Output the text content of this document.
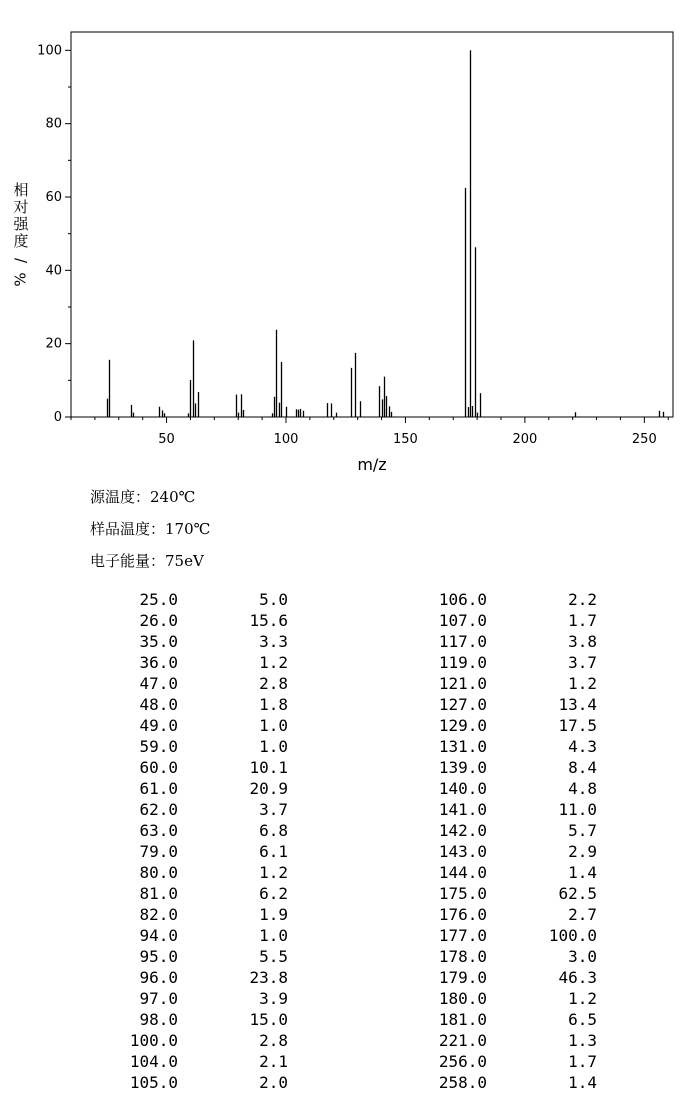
0
20
40
60
80
100
50	100	150	200	250
m/z
相
对
强
度
/
%
源温度：240℃
样品温度：170℃
电子能量：75eV
25.0	5.0
26.0	15.6
35.0	3.3
36.0	1.2
47.0	2.8
48.0	1.8
49.0	1.0
59.0	1.0
60.0	10.1
61.0	20.9
62.0	3.7
63.0	6.8
79.0	6.1
80.0	1.2
81.0	6.2
82.0	1.9
94.0	1.0
95.0	5.5
96.0	23.8
97.0	3.9
98.0	15.0
100.0	2.8
104.0	2.1
105.0	2.0
106.0	2.2
107.0	1.7
117.0	3.8
119.0	3.7
121.0	1.2
127.0	13.4
129.0	17.5
131.0	4.3
139.0	8.4
140.0	4.8
141.0	11.0
142.0	5.7
143.0	2.9
144.0	1.4
175.0	62.5
176.0	2.7
177.0	100.0
178.0	3.0
179.0	46.3
180.0	1.2
181.0	6.5
221.0	1.3
256.0	1.7
258.0	1.4
